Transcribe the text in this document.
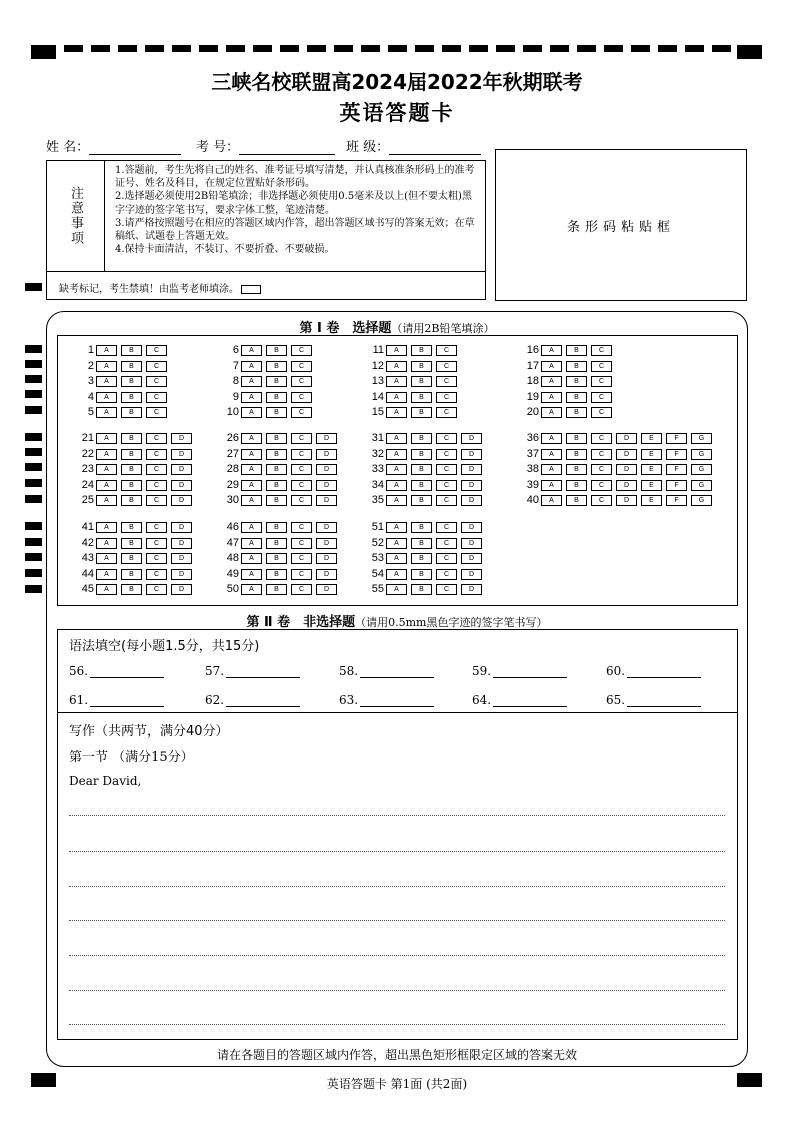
三峡名校联盟高2024届2022年秋期联考
英语答题卡
姓 名：	考 号：	班 级：
注意事项
1.答题前，考生先将自己的姓名、准考证号填写清楚，并认真核准条形码上的准考证号、姓名及科目，在规定位置贴好条形码。
2.选择题必须使用2B铅笔填涂；非选择题必须使用0.5毫米及以上(但不要太粗)黑字字迹的签字笔书写，要求字体工整，笔迹清楚。
3.请严格按照题号在相应的答题区域内作答，超出答题区域书写的答案无效；在草稿纸、试题卷上答题无效。
4.保持卡面清洁，不装订、不要折叠、不要破损。
缺考标记，考生禁填！由监考老师填涂。
条形码粘贴框
第 Ⅰ 卷　选择题（请用2B铅笔填涂）
1 A	B	C
2 A	B	C
3 A	B	C
4 A	B	C
5 A	B	C
6 A	B	C
7 A	B	C
8 A	B	C
9 A	B	C
10 A	B	C
11 A	B	C
12 A	B	C
13 A	B	C
14 A	B	C
15 A	B	C
16 A	B	C
17 A	B	C
18 A	B	C
19 A	B	C
20 A	B	C
21 A	B	C	D
22 A	B	C	D
23 A	B	C	D
24 A	B	C	D
25 A	B	C	D
26 A	B	C	D
27 A	B	C	D
28 A	B	C	D
29 A	B	C	D
30 A	B	C	D
31 A	B	C	D
32 A	B	C	D
33 A	B	C	D
34 A	B	C	D
35 A	B	C	D
36 A	B	C	D	E	F	G
37 A	B	C	D	E	F	G
38 A	B	C	D	E	F	G
39 A	B	C	D	E	F	G
40 A	B	C	D	E	F	G
41 A	B	C	D
42 A	B	C	D
43 A	B	C	D
44 A	B	C	D
45 A	B	C	D
46 A	B	C	D
47 A	B	C	D
48 A	B	C	D
49 A	B	C	D
50 A	B	C	D
51 A	B	C	D
52 A	B	C	D
53 A	B	C	D
54 A	B	C	D
55 A	B	C	D
第 Ⅱ 卷　非选择题（请用0.5mm黑色字迹的签字笔书写）
语法填空(每小题1.5分，共15分)
56.	57.	58.	59.	60.
61.	62.	63.	64.	65.
写作（共两节，满分40分）
第一节 （满分15分）
Dear David,
请在各题目的答题区域内作答，超出黑色矩形框限定区域的答案无效
英语答题卡 第1面 (共2面)
